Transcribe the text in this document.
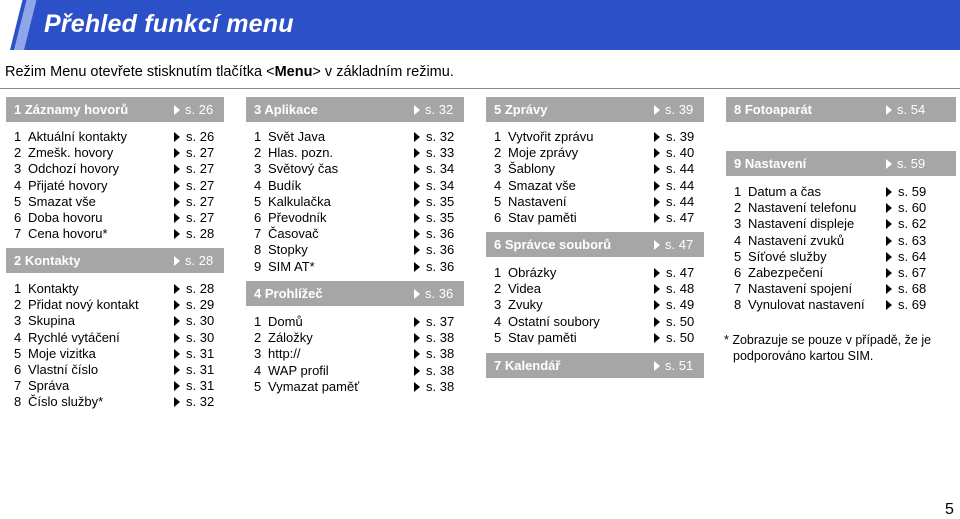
Přehled funkcí menu
Režim Menu otevřete stisknutím tlačítka <Menu> v základním režimu.
1 Záznamy hovorů	s. 26
1 Aktuální kontakty	s. 26
2 Zmešk. hovory	s. 27
3 Odchozí hovory	s. 27
4 Přijaté hovory	s. 27
5 Smazat vše	s. 27
6 Doba hovoru	s. 27
7 Cena hovoru*	s. 28
2 Kontakty	s. 28
1 Kontakty	s. 28
2 Přidat nový kontakt	s. 29
3 Skupina	s. 30
4 Rychlé vytáčení	s. 30
5 Moje vizitka	s. 31
6 Vlastní číslo	s. 31
7 Správa	s. 31
8 Číslo služby*	s. 32
3 Aplikace	s. 32
1 Svět Java	s. 32
2 Hlas. pozn.	s. 33
3 Světový čas	s. 34
4 Budík	s. 34
5 Kalkulačka	s. 35
6 Převodník	s. 35
7 Časovač	s. 36
8 Stopky	s. 36
9 SIM AT*	s. 36
4 Prohlížeč	s. 36
1 Domů	s. 37
2 Záložky	s. 38
3 http://	s. 38
4 WAP profil	s. 38
5 Vymazat paměť	s. 38
5 Zprávy	s. 39
1 Vytvořit zprávu	s. 39
2 Moje zprávy	s. 40
3 Šablony	s. 44
4 Smazat vše	s. 44
5 Nastavení	s. 44
6 Stav paměti	s. 47
6 Správce souborů	s. 47
1 Obrázky	s. 47
2 Videa	s. 48
3 Zvuky	s. 49
4 Ostatní soubory	s. 50
5 Stav paměti	s. 50
7 Kalendář	s. 51
8 Fotoaparát	s. 54
9 Nastavení	s. 59
1 Datum a čas	s. 59
2 Nastavení telefonu	s. 60
3 Nastavení displeje	s. 62
4 Nastavení zvuků	s. 63
5 Síťové služby	s. 64
6 Zabezpečení	s. 67
7 Nastavení spojení	s. 68
8 Vynulovat nastavení	s. 69
* Zobrazuje se pouze v případě, že je
podporováno kartou SIM.
5
